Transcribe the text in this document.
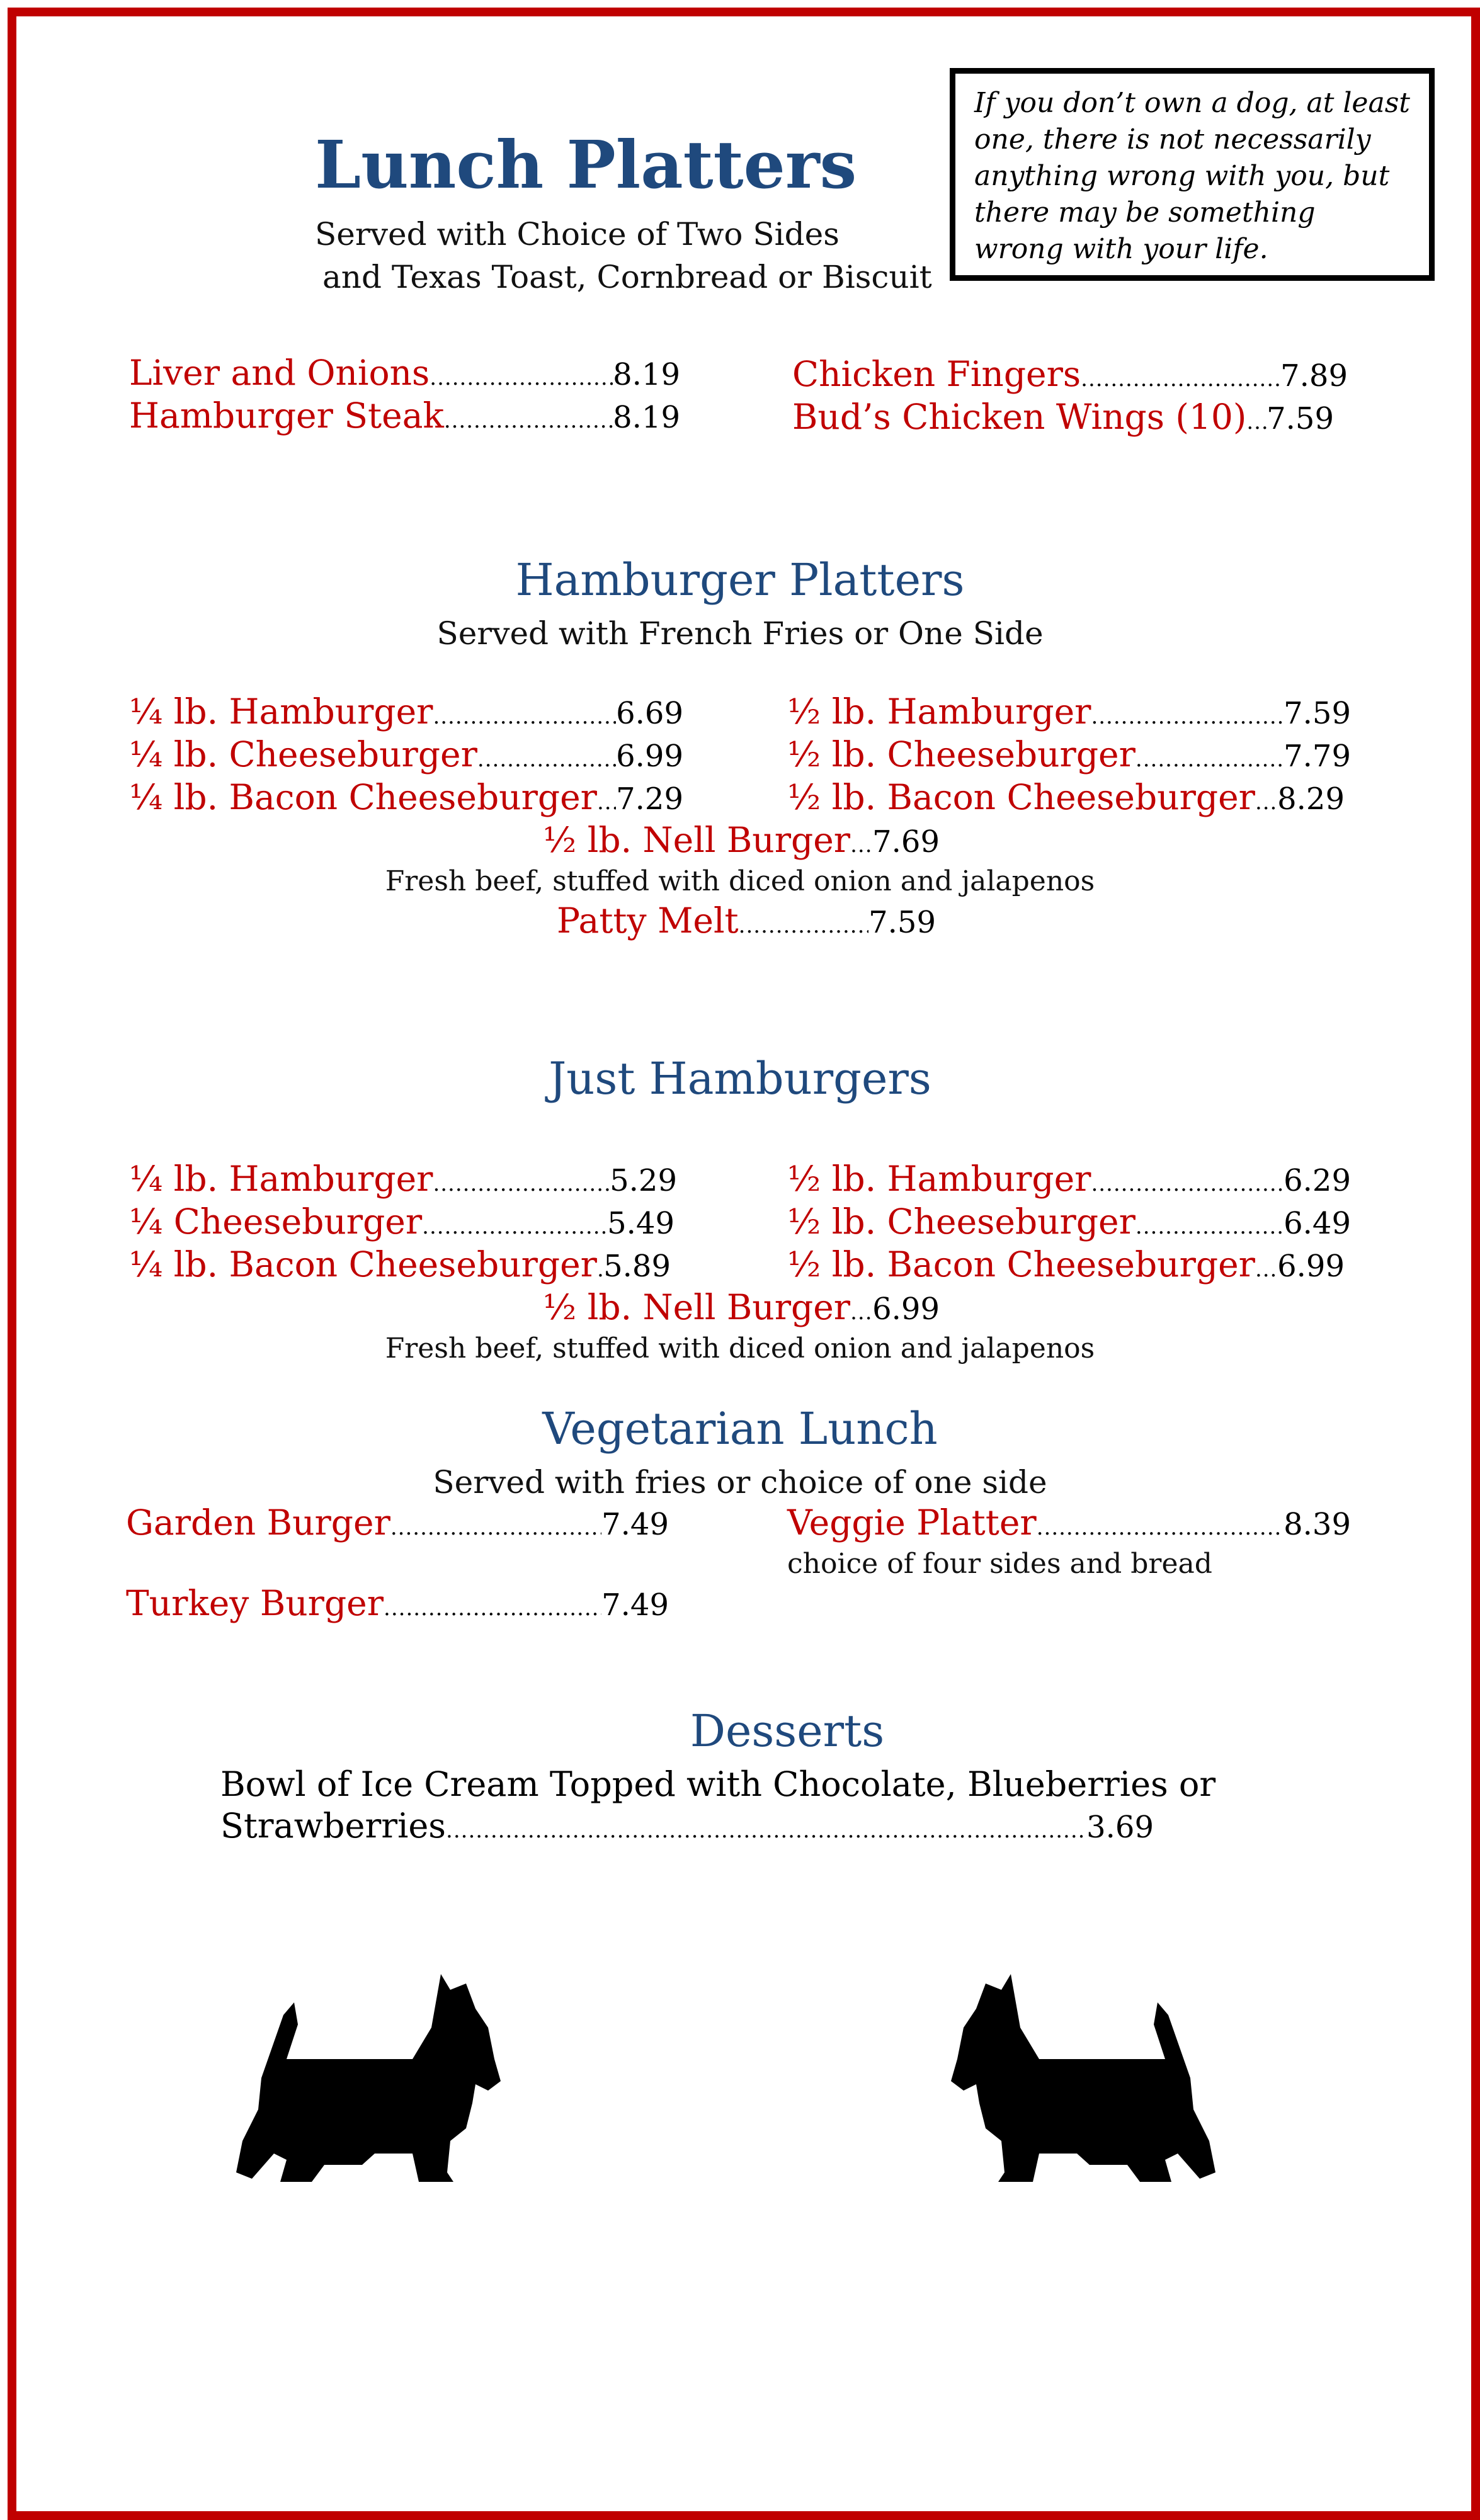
Lunch Platters
Served with Choice of Two Sides
and Texas Toast, Cornbread or Biscuit
If you don’t own a dog, at least one, there is not necessarily anything wrong with you, but there may be something wrong with your life.
Liver and Onions .....	8.19
Hamburger Steak .....	8.19
Chicken Fingers .....	7.89
Bud’s Chicken Wings (10) ..... 7.59
Hamburger Platters
Served with French Fries or One Side
¼ lb. Hamburger .....	6.69
¼ lb. Cheeseburger .....	6.99
¼ lb. Bacon Cheeseburger ..... 7.29
½ lb. Hamburger .....	7.59
½ lb. Cheeseburger .....	7.79
½ lb. Bacon Cheeseburger ..... 8.29
½ lb. Nell Burger ..... 7.69
Fresh beef, stuffed with diced onion and jalapenos
Patty Melt .....	7.59
Just Hamburgers
¼ lb. Hamburger .....	5.29
¼ Cheeseburger .....	5.49
¼ lb. Bacon Cheeseburger ..... 5.89
½ lb. Hamburger .....	6.29
½ lb. Cheeseburger .....	6.49
½ lb. Bacon Cheeseburger ..... 6.99
½ lb. Nell Burger ..... 6.99
Fresh beef, stuffed with diced onion and jalapenos
Vegetarian Lunch
Served with fries or choice of one side
Garden Burger .....	7.49
Turkey Burger .....	7.49
Veggie Platter .....	8.39
choice of four sides and bread
Desserts
Bowl of Ice Cream Topped with Chocolate, Blueberries or
Strawberries .....	3.69
